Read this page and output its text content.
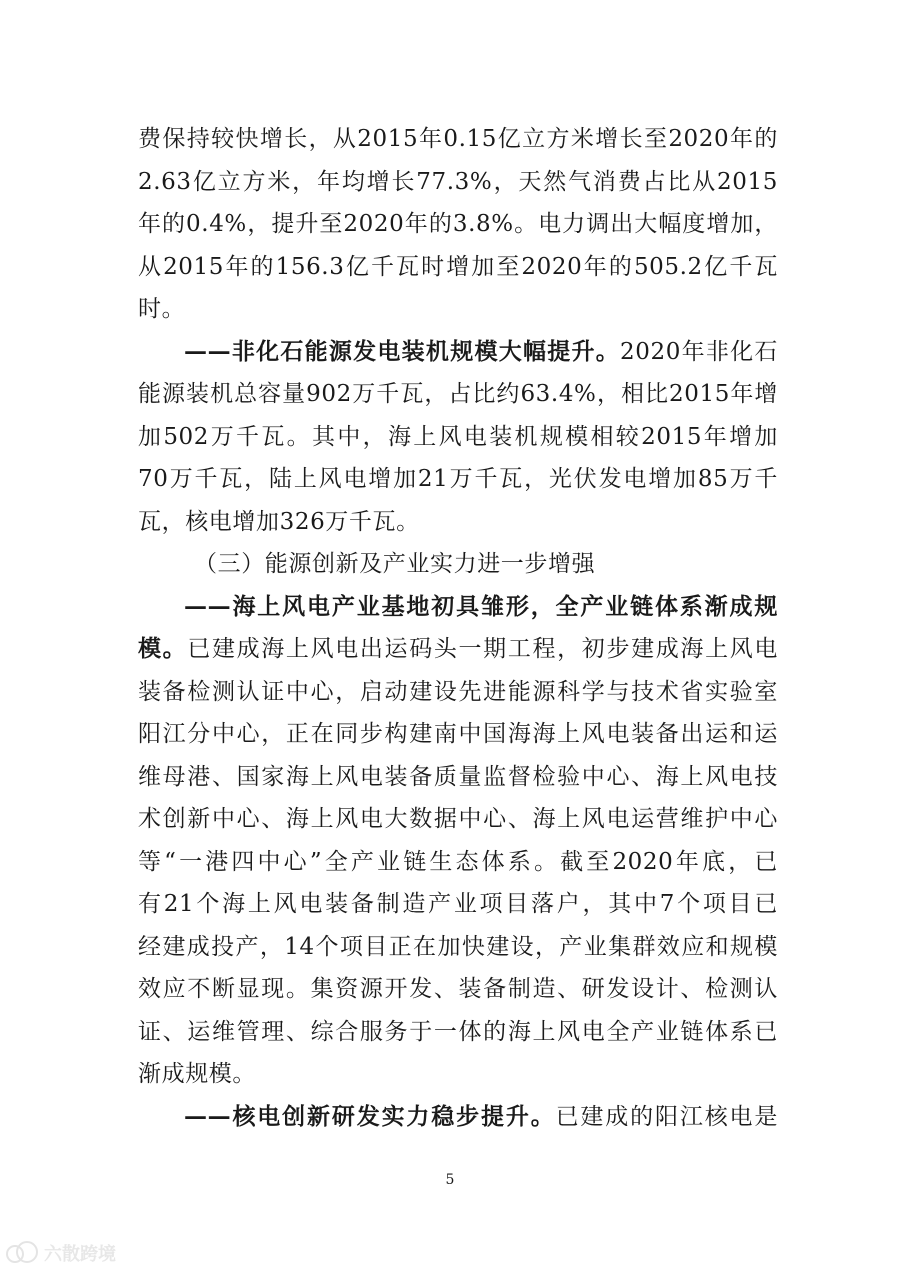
费保持较快增长，从2015年0.15亿立方米增长至2020年的
2.63亿立方米，年均增长77.3%，天然气消费占比从2015
年的0.4%，提升至2020年的3.8%。电力调出大幅度增加，
从2015年的156.3亿千瓦时增加至2020年的505.2亿千瓦
时。
——非化石能源发电装机规模大幅提升。2020年非化石
能源装机总容量902万千瓦，占比约63.4%，相比2015年增
加502万千瓦。其中，海上风电装机规模相较2015年增加
70万千瓦，陆上风电增加21万千瓦，光伏发电增加85万千
瓦，核电增加326万千瓦。
（三）能源创新及产业实力进一步增强
——海上风电产业基地初具雏形，全产业链体系渐成规
模。已建成海上风电出运码头一期工程，初步建成海上风电
装备检测认证中心，启动建设先进能源科学与技术省实验室
阳江分中心，正在同步构建南中国海海上风电装备出运和运
维母港、国家海上风电装备质量监督检验中心、海上风电技
术创新中心、海上风电大数据中心、海上风电运营维护中心
等“一港四中心”全产业链生态体系。截至2020年底，已
有21个海上风电装备制造产业项目落户，其中7个项目已
经建成投产，14个项目正在加快建设，产业集群效应和规模
效应不断显现。集资源开发、装备制造、研发设计、检测认
证、运维管理、综合服务于一体的海上风电全产业链体系已
渐成规模。
——核电创新研发实力稳步提升。已建成的阳江核电是
5
六散跨境
